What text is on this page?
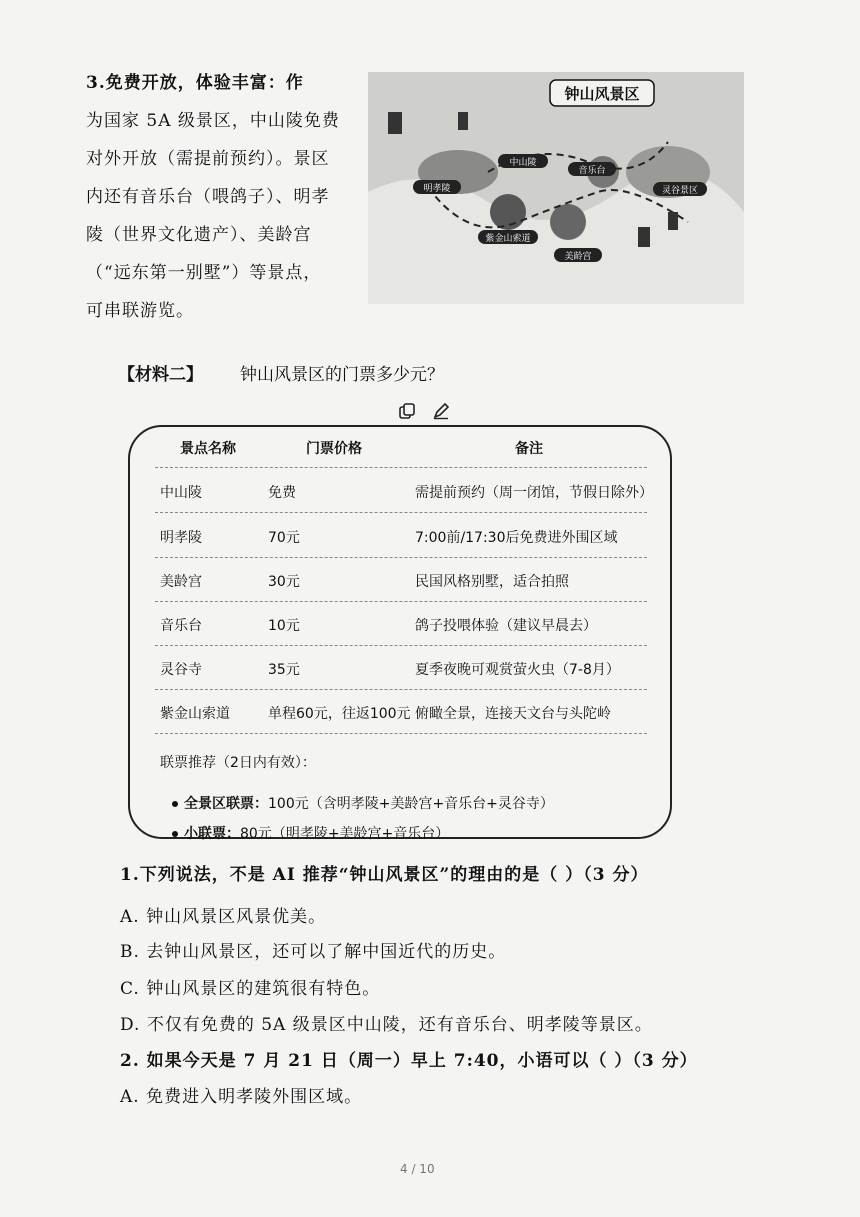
3.免费开放，体验丰富：作
为国家 5A 级景区，中山陵免费
对外开放（需提前预约）。景区
内还有音乐台（喂鸽子）、明孝
陵（世界文化遗产）、美龄宫
（“远东第一别墅”）等景点，
可串联游览。
钟山风景区
中山陵
明孝陵
音乐台
灵谷景区
紫金山索道
美龄宫
【材料二】 钟山风景区的门票多少元？
景点名称	门票价格	备注
中山陵	免费	需提前预约（周一闭馆，节假日除外）
明孝陵	70元	7:00前/17:30后免费进外围区域
美龄宫	30元	民国风格别墅，适合拍照
音乐台	10元	鸽子投喂体验（建议早晨去）
灵谷寺	35元	夏季夜晚可观赏萤火虫（7-8月）
紫金山索道	单程60元，往返100元 俯瞰全景，连接天文台与头陀岭
联票推荐（2日内有效）：
全景区联票：100元（含明孝陵+美龄宫+音乐台+灵谷寺）
小联票：80元（明孝陵+美龄宫+音乐台）
1.下列说法，不是 AI 推荐“钟山风景区”的理由的是（ ）（3 分）
A. 钟山风景区风景优美。
B. 去钟山风景区，还可以了解中国近代的历史。
C. 钟山风景区的建筑很有特色。
D. 不仅有免费的 5A 级景区中山陵，还有音乐台、明孝陵等景区。
2. 如果今天是 7 月 21 日（周一）早上 7:40，小语可以（ ）（3 分）
A. 免费进入明孝陵外围区域。
4 / 10
